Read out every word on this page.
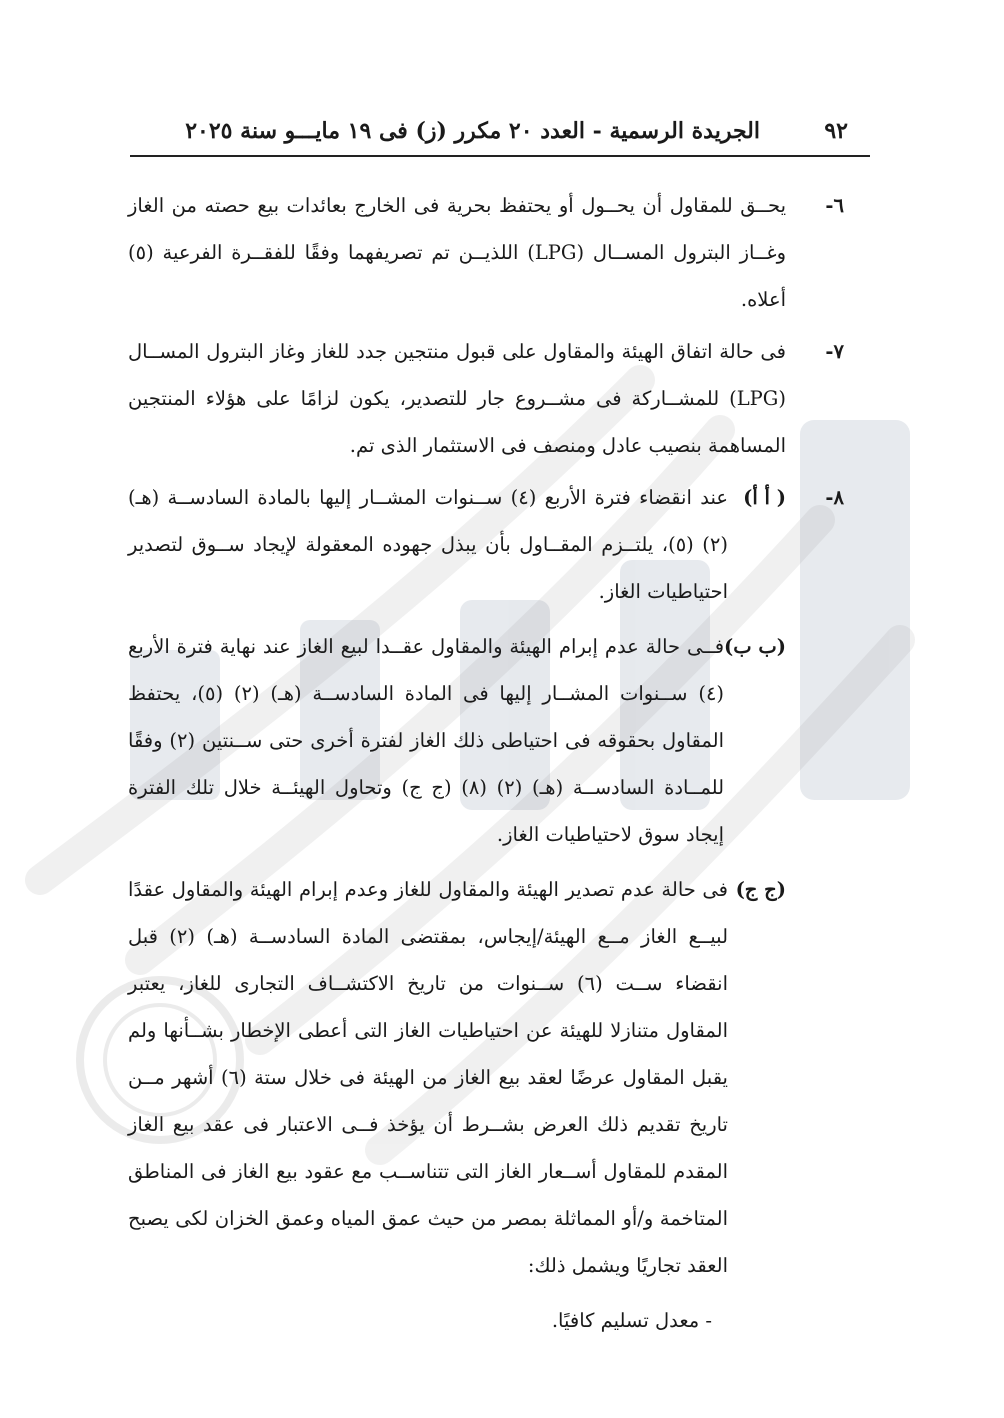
٩٢
الجريدة الرسمية - العدد ٢٠ مكرر (ز) فى ١٩ مايـــو سنة ٢٠٢٥
٦-

يحــق للمقاول أن يحــول أو يحتفظ بحرية فى الخارج بعائدات بيع حصته من الغاز وغــاز البترول المســال (LPG) اللذيــن تم تصريفهما وفقًا للفقــرة الفرعية (٥) أعلاه.

٧-

فى حالة اتفاق الهيئة والمقاول على قبول منتجين جدد للغاز وغاز البترول المســال (LPG) للمشــاركة فى مشــروع جار للتصدير، يكون لزامًا على هؤلاء المنتجين المساهمة بنصيب عادل ومنصف فى الاستثمار الذى تم.

٨-
( أ أ)
عند انقضاء فترة الأربع (٤) ســنوات المشــار إليها بالمادة السادســة (هـ) (٢) (٥)، يلتــزم المقــاول بأن يبذل جهوده المعقولة لإيجاد ســوق لتصدير احتياطيات الغاز.
(ب ب)
فــى حالة عدم إبرام الهيئة والمقاول عقــدا لبيع الغاز عند نهاية فترة الأربع (٤) ســنوات المشــار إليها فى المادة السادســة (هـ) (٢) (٥)، يحتفظ المقاول بحقوقه فى احتياطى ذلك الغاز لفترة أخرى حتى ســنتين (٢) وفقًا للمــادة السادســة (هـ) (٢) (٨) (ج ج) وتحاول الهيئــة خلال تلك الفترة إيجاد سوق لاحتياطيات الغاز.
(ج ج)
فى حالة عدم تصدير الهيئة والمقاول للغاز وعدم إبرام الهيئة والمقاول عقدًا لبيــع الغاز مــع الهيئة/إيجاس، بمقتضى المادة السادســة (هـ) (٢) قبل انقضاء ســت (٦) ســنوات من تاريخ الاكتشــاف التجارى للغاز، يعتبر المقاول متنازلا للهيئة عن احتياطيات الغاز التى أعطى الإخطار بشــأنها ولم يقبل المقاول عرضًا لعقد بيع الغاز من الهيئة فى خلال ستة (٦) أشهر مــن تاريخ تقديم ذلك العرض بشــرط أن يؤخذ فــى الاعتبار فى عقد بيع الغاز المقدم للمقاول أســعار الغاز التى تتناســب مع عقود بيع الغاز فى المناطق المتاخمة و/أو المماثلة بمصر من حيث عمق المياه وعمق الخزان لكى يصبح العقد تجاريًا ويشمل ذلك:
- معدل تسليم كافيًا.
